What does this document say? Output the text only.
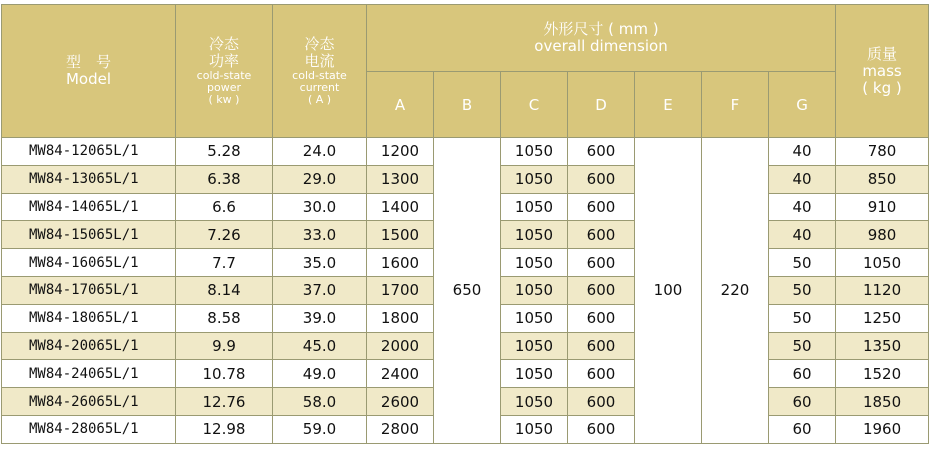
型　号
Model	冷态
功率
cold-state
power
( kw )	冷态
电流
cold-state
current
( A )	外形尺寸 ( mm )
overall dimension							质量
mass
( kg )

			A	B	C	D	E	F	G	
MW84-12065L/1	5.28	24.0	1200	650	1050	600	100	220	40	780
MW84-13065L/1	6.38	29.0	1300		1050	600			40	850
MW84-14065L/1	6.6	30.0	1400		1050	600			40	910
MW84-15065L/1	7.26	33.0	1500		1050	600			40	980
MW84-16065L/1	7.7	35.0	1600		1050	600			50	1050
MW84-17065L/1	8.14	37.0	1700		1050	600			50	1120
MW84-18065L/1	8.58	39.0	1800		1050	600			50	1250
MW84-20065L/1	9.9	45.0	2000		1050	600			50	1350
MW84-24065L/1	10.78	49.0	2400		1050	600			60	1520
MW84-26065L/1	12.76	58.0	2600		1050	600			60	1850
MW84-28065L/1	12.98	59.0	2800		1050	600			60	1960
